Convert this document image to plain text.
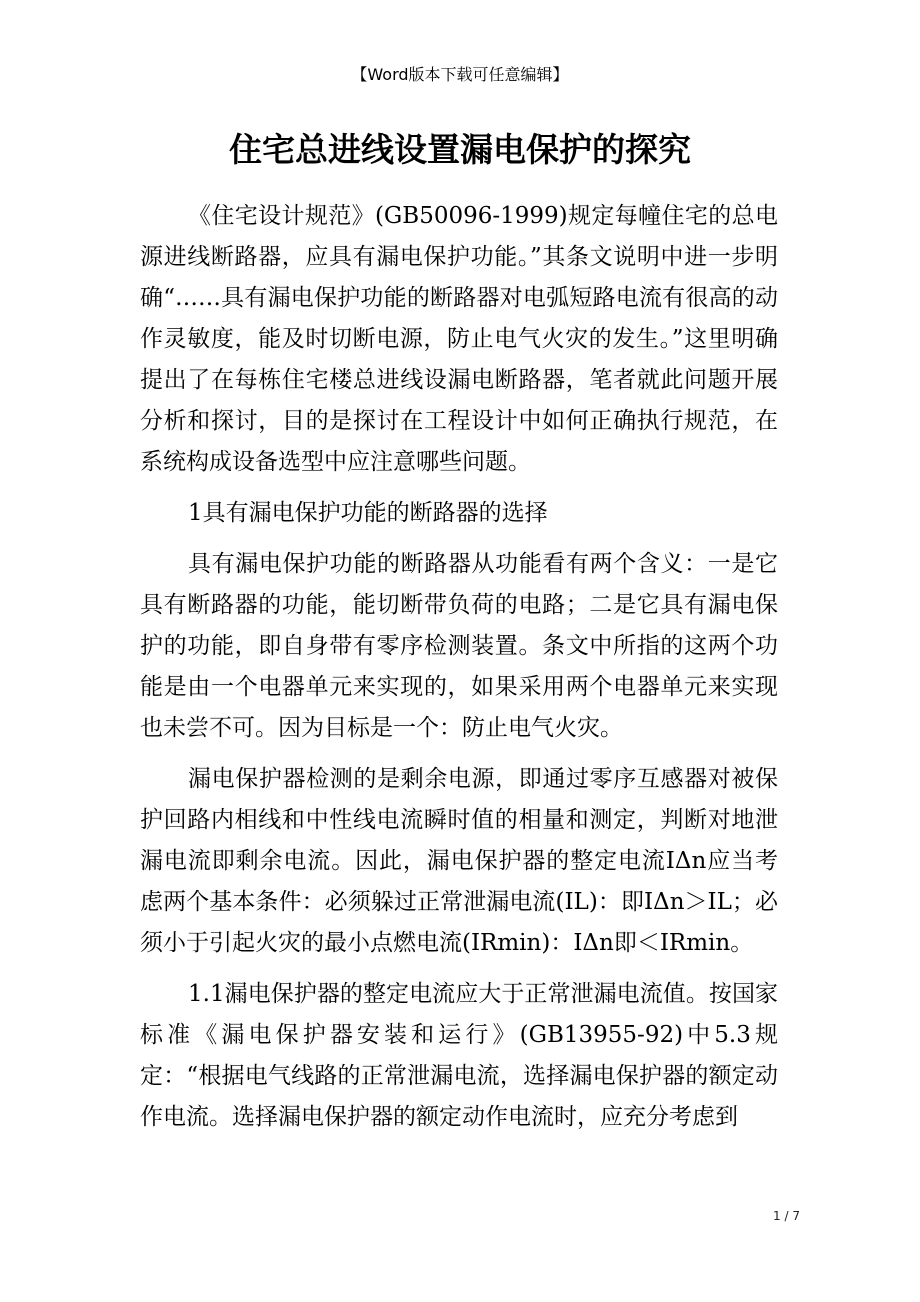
【Word版本下载可任意编辑】
住宅总进线设置漏电保护的探究

《住宅设计规范》(GB50096-1999)规定每幢住宅的总电源进线断路器，应具有漏电保护功能。”其条文说明中进一步明确“……具有漏电保护功能的断路器对电弧短路电流有很高的动作灵敏度，能及时切断电源，防止电气火灾的发生。”这里明确提出了在每栋住宅楼总进线设漏电断路器，笔者就此问题开展分析和探讨，目的是探讨在工程设计中如何正确执行规范，在系统构成设备选型中应注意哪些问题。

1具有漏电保护功能的断路器的选择

具有漏电保护功能的断路器从功能看有两个含义：一是它具有断路器的功能，能切断带负荷的电路；二是它具有漏电保护的功能，即自身带有零序检测装置。条文中所指的这两个功能是由一个电器单元来实现的，如果采用两个电器单元来实现也未尝不可。因为目标是一个：防止电气火灾。

漏电保护器检测的是剩余电源，即通过零序互感器对被保护回路内相线和中性线电流瞬时值的相量和测定，判断对地泄漏电流即剩余电流。因此，漏电保护器的整定电流IΔn应当考虑两个基本条件：必须躲过正常泄漏电流(IL)：即IΔn＞IL；必须小于引起火灾的最小点燃电流(IRmin)：IΔn即＜IRmin。

1.1漏电保护器的整定电流应大于正常泄漏电流值。按国家标准《漏电保护器安装和运行》(GB13955-92)中5.3规定：“根据电气线路的正常泄漏电流，选择漏电保护器的额定动作电流。选择漏电保护器的额定动作电流时，应充分考虑到

1 / 7
